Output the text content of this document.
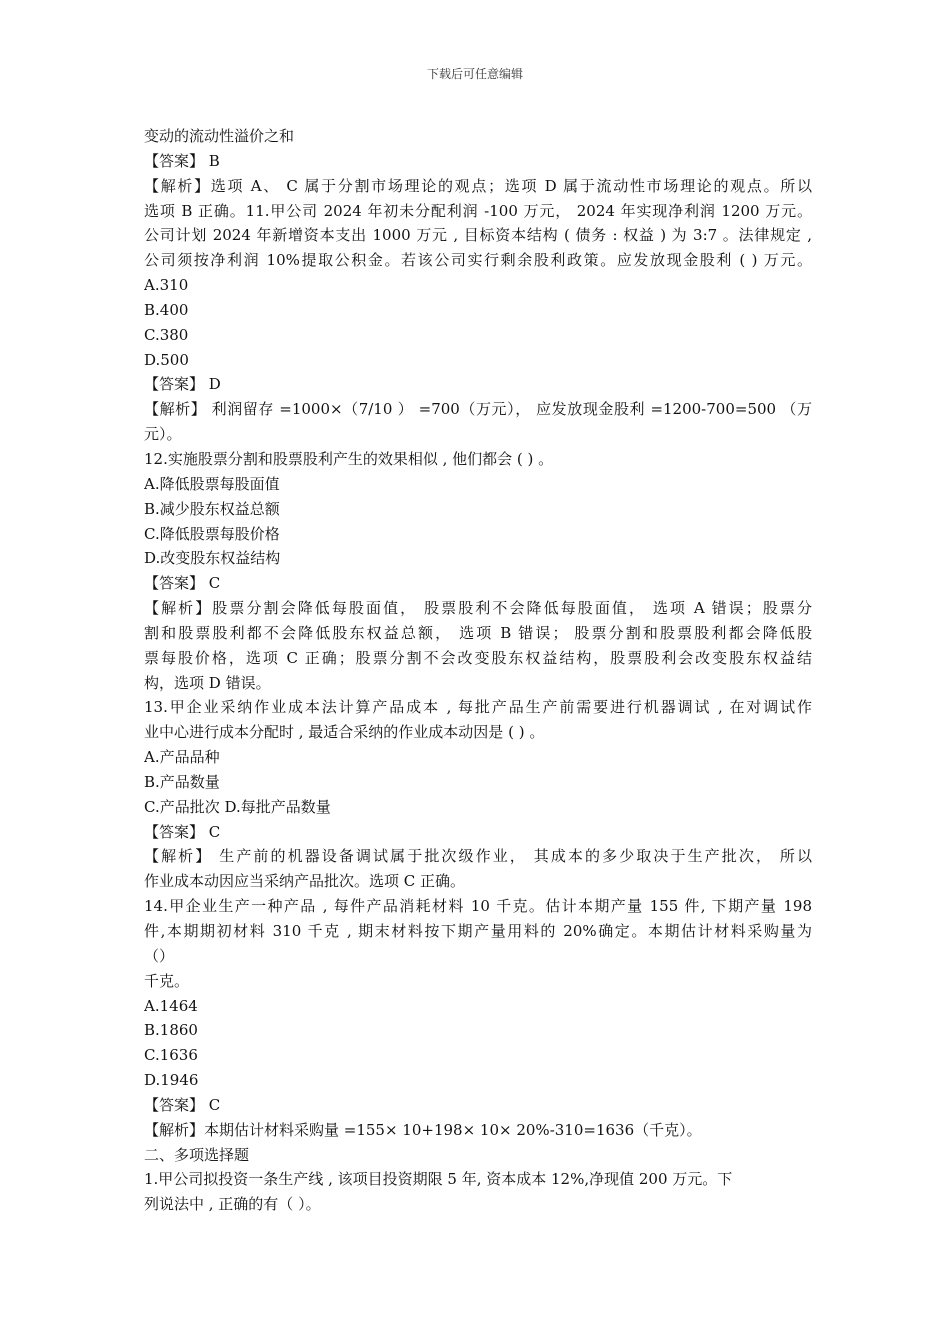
下载后可任意编辑
变动的流动性溢价之和
【答案】 B
【解析】选项 A、 C 属于分割市场理论的观点；选项 D 属于流动性市场理论的观点。所以
选项 B 正确。11.甲公司 2024 年初未分配利润 -100 万元， 2024 年实现净利润 1200 万元。
公司计划 2024 年新增资本支出 1000 万元 , 目标资本结构 ( 债务 : 权益 ) 为 3:7 。法律规定 ,
公司须按净利润 10%提取公积金。若该公司实行剩余股利政策。应发放现金股利 ( ) 万元。
A.310
B.400
C.380
D.500
【答案】 D
【解析】 利润留存 =1000×（7/10 ） =700（万元）， 应发放现金股利 =1200-700=500 （万
元）。
12.实施股票分割和股票股利产生的效果相似 , 他们都会 ( ) 。
A.降低股票每股面值
B.减少股东权益总额
C.降低股票每股价格
D.改变股东权益结构
【答案】 C
【解析】股票分割会降低每股面值， 股票股利不会降低每股面值， 选项 A 错误；股票分
割和股票股利都不会降低股东权益总额， 选项 B 错误； 股票分割和股票股利都会降低股
票每股价格，选项 C 正确；股票分割不会改变股东权益结构，股票股利会改变股东权益结
构，选项 D 错误。
13.甲企业采纳作业成本法计算产品成本 , 每批产品生产前需要进行机器调试 , 在对调试作
业中心进行成本分配时 , 最适合采纳的作业成本动因是 ( ) 。
A.产品品种
B.产品数量
C.产品批次 D.每批产品数量
【答案】 C
【解析】 生产前的机器设备调试属于批次级作业， 其成本的多少取决于生产批次， 所以
作业成本动因应当采纳产品批次。选项 C 正确。
14.甲企业生产一种产品 , 每件产品消耗材料 10 千克。估计本期产量 155 件, 下期产量 198
件,本期期初材料 310 千克 , 期末材料按下期产量用料的 20%确定。本期估计材料采购量为
（）
千克。
A.1464
B.1860
C.1636
D.1946
【答案】 C
【解析】本期估计材料采购量 =155× 10+198× 10× 20%-310=1636（千克）。
二、多项选择题
1.甲公司拟投资一条生产线 , 该项目投资期限 5 年, 资本成本 12%,净现值 200 万元。下
列说法中 , 正确的有（ ）。
